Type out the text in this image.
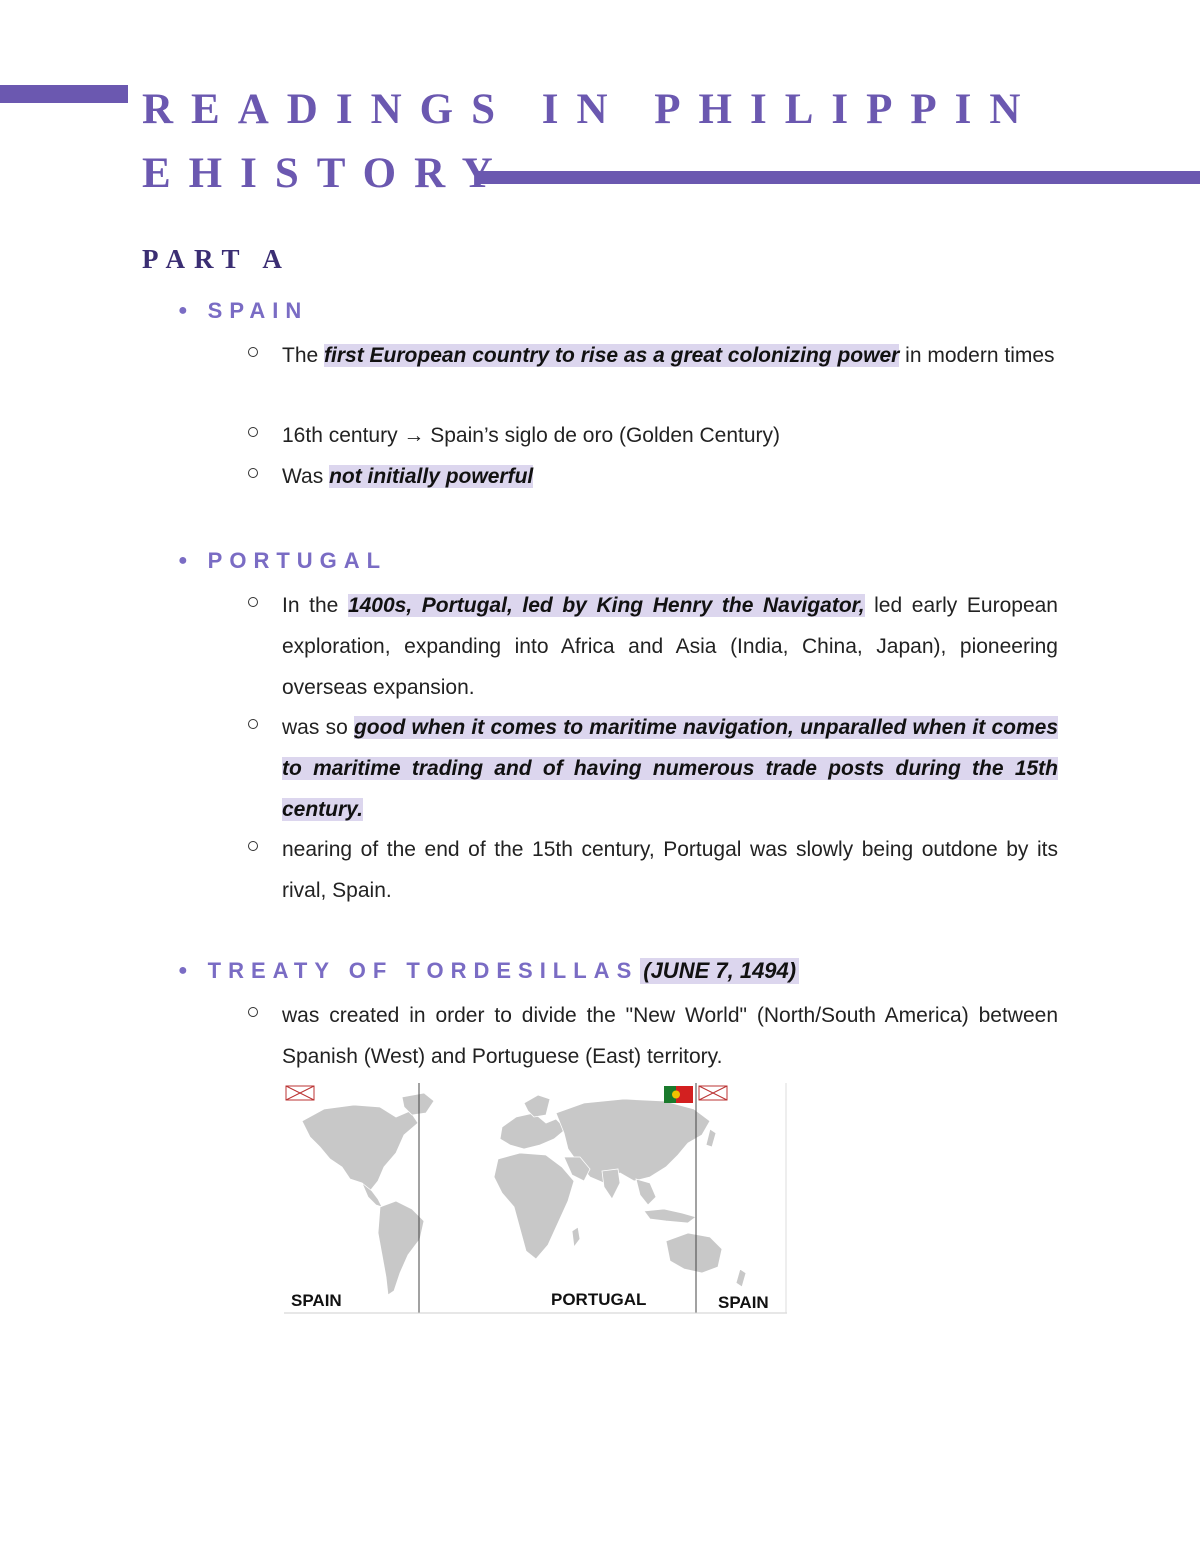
READINGS IN PHILIPPIN EHISTORY
PART A
● SPAIN

The first European country to rise as a great colonizing power in modern times

16th century → Spain’s siglo de oro (Golden Century)

Was not initially powerful

● PORTUGAL

In the 1400s, Portugal, led by King Henry the Navigator, led early European exploration, expanding into Africa and Asia (India, China, Japan), pioneering overseas expansion.

was so good when it comes to maritime navigation, unparalled when it comes to maritime trading and of having numerous trade posts during the 15th century.

nearing of the end of the 15th century, Portugal was slowly being outdone by its rival, Spain.

● TREATY OF TORDESILLAS (JUNE 7, 1494)

was created in order to divide the "New World" (North/South America) between Spanish (West) and Portuguese (East) territory.

SPAIN	PORTUGAL	SPAIN
